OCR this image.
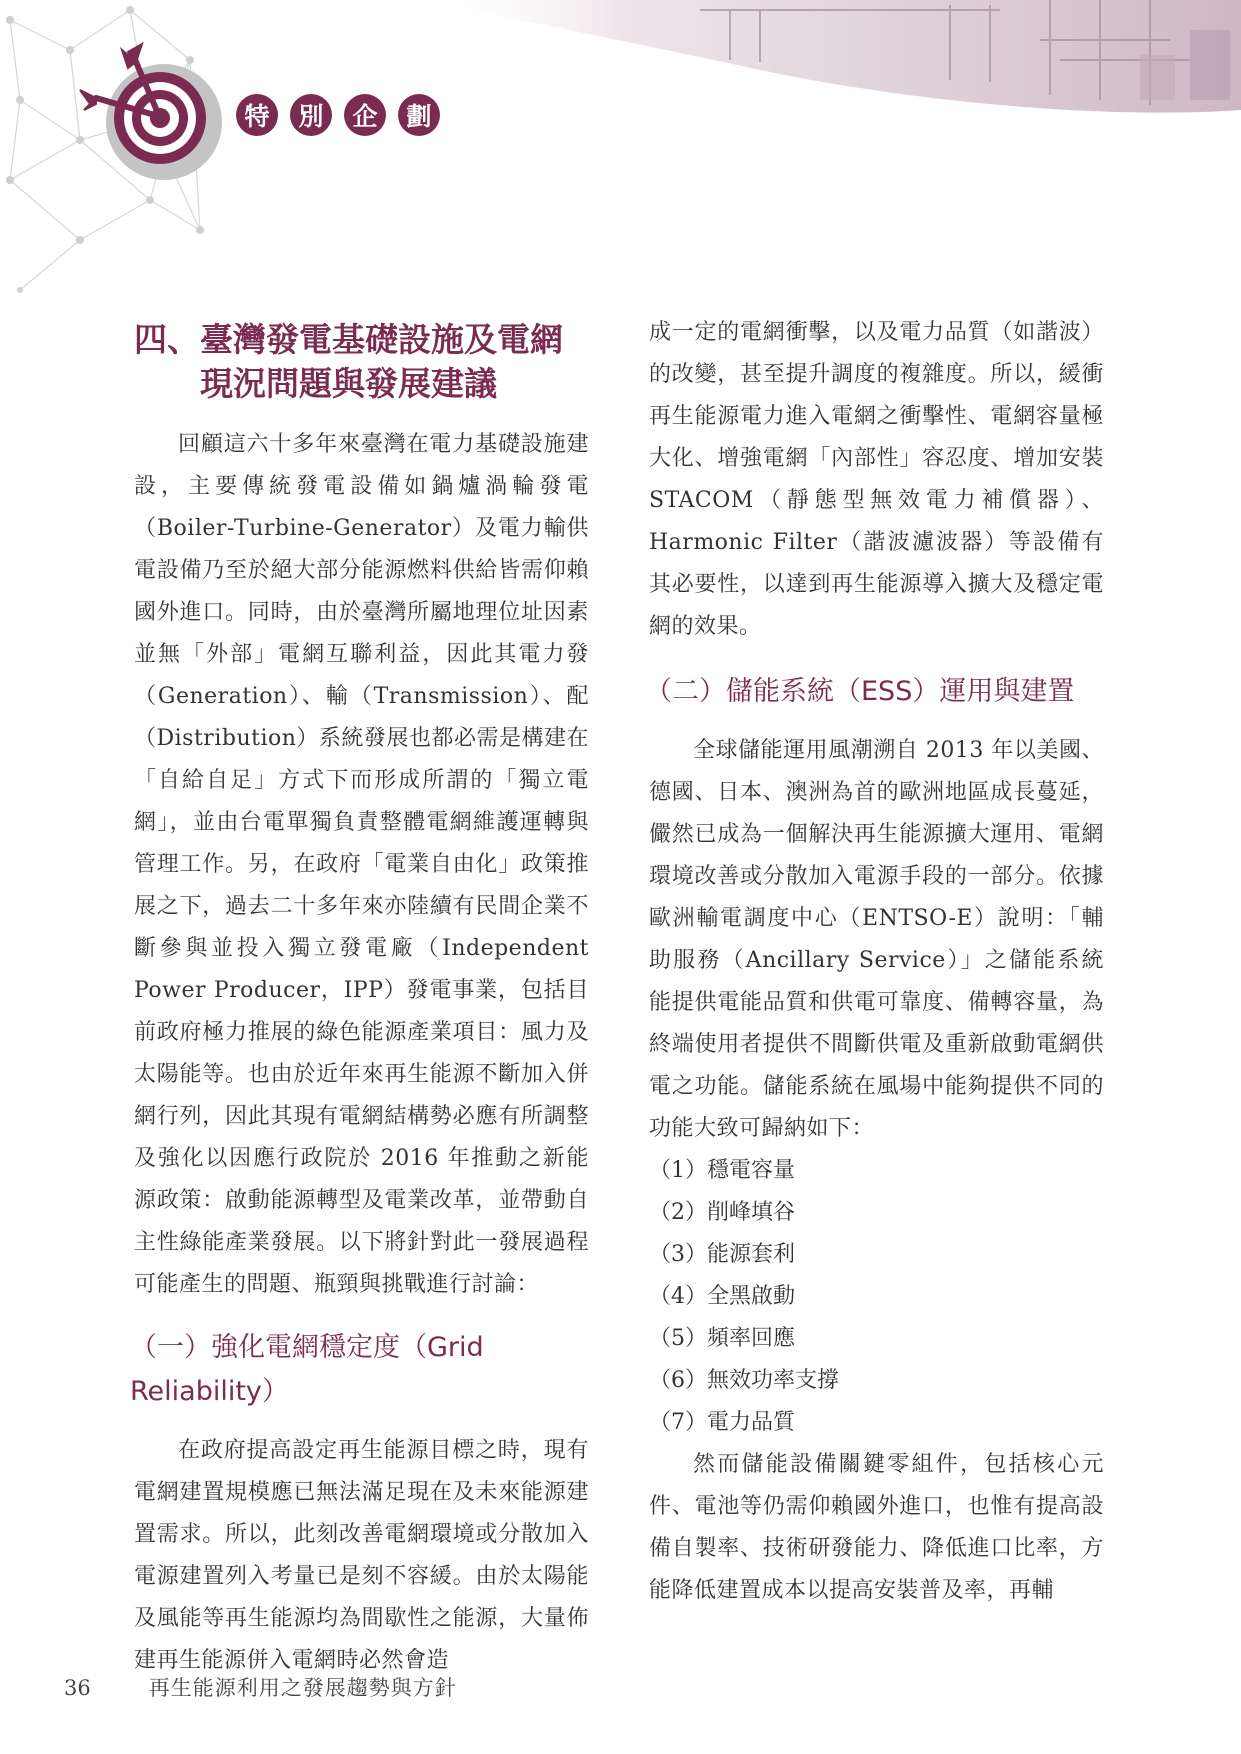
特	別	企	劃
四、臺灣發電基礎設施及電網
現況問題與發展建議

回顧這六十多年來臺灣在電力基礎設施建設，主要傳統發電設備如鍋爐渦輪發電（Boiler-Turbine-Generator）及電力輸供電設備乃至於絕大部分能源燃料供給皆需仰賴國外進口。同時，由於臺灣所屬地理位址因素並無「外部」電網互聯利益，因此其電力發（Generation）、輸（Transmission）、配（Distribution）系統發展也都必需是構建在「自給自足」方式下而形成所謂的「獨立電網」，並由台電單獨負責整體電網維護運轉與管理工作。另，在政府「電業自由化」政策推展之下，過去二十多年來亦陸續有民間企業不斷參與並投入獨立發電廠（Independent Power Producer，IPP）發電事業，包括目前政府極力推展的綠色能源產業項目：風力及太陽能等。也由於近年來再生能源不斷加入併網行列，因此其現有電網結構勢必應有所調整及強化以因應行政院於 2016 年推動之新能源政策：啟動能源轉型及電業改革，並帶動自主性綠能產業發展。以下將針對此一發展過程可能產生的問題、瓶頸與挑戰進行討論：

（一）強化電網穩定度（Grid Reliability）

在政府提高設定再生能源目標之時，現有電網建置規模應已無法滿足現在及未來能源建置需求。所以，此刻改善電網環境或分散加入電源建置列入考量已是刻不容緩。由於太陽能及風能等再生能源均為間歇性之能源，大量佈建再生能源併入電網時必然會造

成一定的電網衝擊，以及電力品質（如諧波）的改變，甚至提升調度的複雜度。所以，緩衝再生能源電力進入電網之衝擊性、電網容量極大化、增強電網「內部性」容忍度、增加安裝 STACOM（靜態型無效電力補償器）、Harmonic Filter（諧波濾波器）等設備有其必要性，以達到再生能源導入擴大及穩定電網的效果。

（二）儲能系統（ESS）運用與建置

全球儲能運用風潮溯自 2013 年以美國、德國、日本、澳洲為首的歐洲地區成長蔓延，儼然已成為一個解決再生能源擴大運用、電網環境改善或分散加入電源手段的一部分。依據歐洲輸電調度中心（ENTSO-E）說明：「輔助服務（Ancillary Service）」之儲能系統能提供電能品質和供電可靠度、備轉容量，為終端使用者提供不間斷供電及重新啟動電網供電之功能。儲能系統在風場中能夠提供不同的功能大致可歸納如下：

（1）穩電容量
（2）削峰填谷
（3）能源套利
（4）全黑啟動
（5）頻率回應
（6）無效功率支撐
（7）電力品質

然而儲能設備關鍵零組件，包括核心元件、電池等仍需仰賴國外進口，也惟有提高設備自製率、技術研發能力、降低進口比率，方能降低建置成本以提高安裝普及率，再輔

36	再生能源利用之發展趨勢與方針
